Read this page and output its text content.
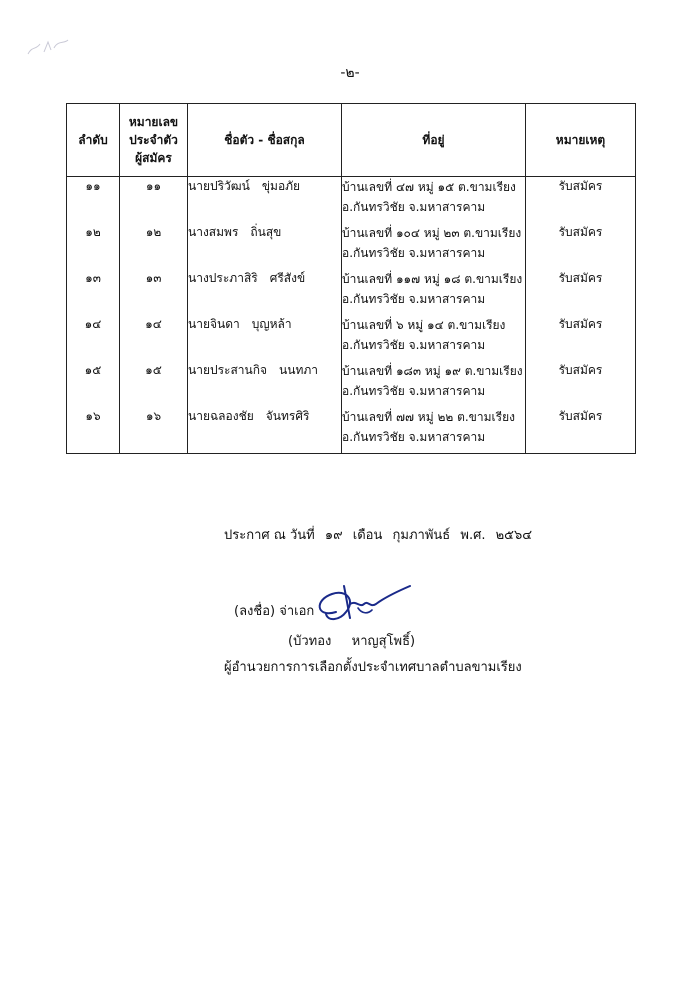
-๒-
ลำดับ	หมายเลข
ประจำตัว
ผู้สมัคร	ชื่อตัว - ชื่อสกุล	ที่อยู่	หมายเหตุ
๑๑	๑๑	นายปริวัฒน์ ขุ่มอภัย	บ้านเลขที่ ๔๗ หมู่ ๑๕ ต.ขามเรียง
อ.กันทรวิชัย จ.มหาสารคาม	รับสมัคร
๑๒	๑๒	นางสมพร ถิ่นสุข	บ้านเลขที่ ๑๐๔ หมู่ ๒๓ ต.ขามเรียง
อ.กันทรวิชัย จ.มหาสารคาม	รับสมัคร
๑๓	๑๓	นางประภาสิริ ศรีสังข์	บ้านเลขที่ ๑๑๗ หมู่ ๑๘ ต.ขามเรียง
อ.กันทรวิชัย จ.มหาสารคาม	รับสมัคร
๑๔	๑๔	นายจินดา บุญหล้า	บ้านเลขที่ ๖ หมู่ ๑๔ ต.ขามเรียง
อ.กันทรวิชัย จ.มหาสารคาม	รับสมัคร
๑๕	๑๕	นายประสานกิจ นนทภา	บ้านเลขที่ ๑๘๓ หมู่ ๑๙ ต.ขามเรียง
อ.กันทรวิชัย จ.มหาสารคาม	รับสมัคร
๑๖	๑๖	นายฉลองชัย จันทรศิริ	บ้านเลขที่ ๗๗ หมู่ ๒๒ ต.ขามเรียง
อ.กันทรวิชัย จ.มหาสารคาม	รับสมัคร
ประกาศ ณ วันที่ ๑๙ เดือน กุมภาพันธ์ พ.ศ. ๒๕๖๔
(ลงชื่อ) จ่าเอก
(บัวทอง หาญสุโพธิ์)
ผู้อำนวยการการเลือกตั้งประจำเทศบาลตำบลขามเรียง
